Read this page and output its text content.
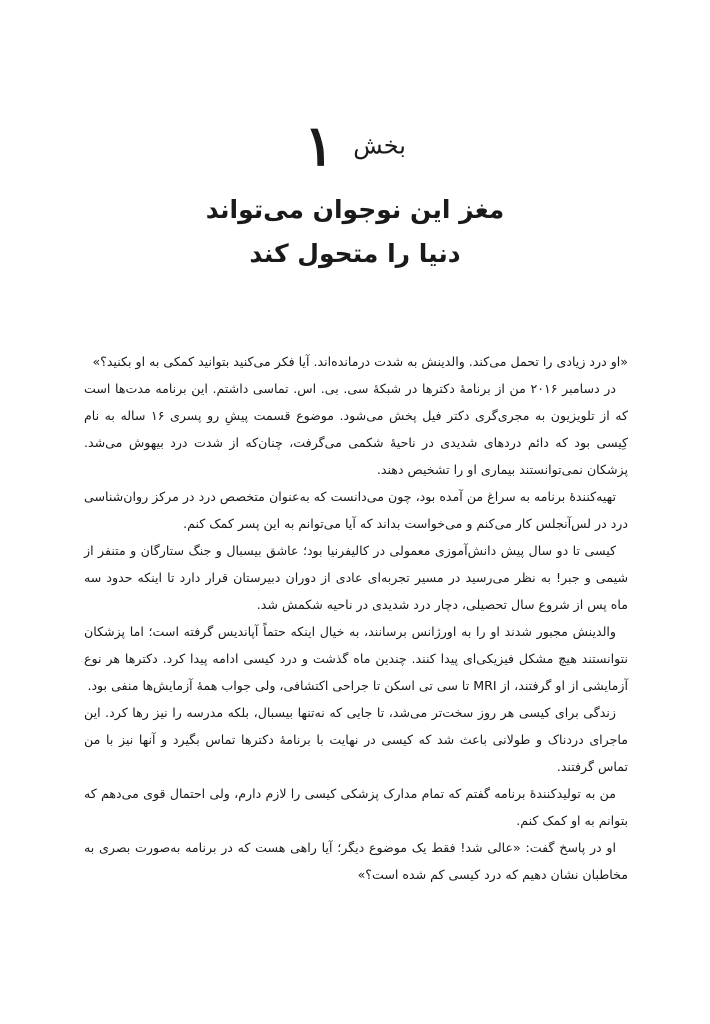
بخش ۱
مغز این نوجوان می‌تواند
دنیا را متحول کند

«او درد زیادی را تحمل می‌کند. والدینش به شدت درمانده‌اند. آیا فکر می‌کنید بتوانید کمکی به او بکنید؟»

در دسامبر ۲۰۱۶ من از برنامهٔ دکترها در شبکهٔ سی. بی. اس. تماسی داشتم. این برنامه مدت‌ها است که از تلویزیون به مجری‌گری دکتر فیل پخش می‌شود. موضوع قسمت پیشِ رو پسری ۱۶ ساله به نام کِیسی بود که دائم دردهای شدیدی در ناحیهٔ شکمی می‌گرفت، چنان‌که از شدت درد بیهوش می‌شد. پزشکان نمی‌توانستند بیماری او را تشخیص دهند.

تهیه‌کنندهٔ برنامه به سراغ من آمده بود، چون می‌دانست که به‌عنوان متخصص درد در مرکز روان‌شناسی درد در لس‌آنجلس کار می‌کنم و می‌خواست بداند که آیا می‌توانم به این پسر کمک کنم.

کیسی تا دو سال پیش دانش‌آموزی معمولی در کالیفرنیا بود؛ عاشق بیسبال و جنگ ستارگان و متنفر از شیمی و جبر! به نظر می‌رسید در مسیر تجربه‌ای عادی از دوران دبیرستان قرار دارد تا اینکه حدود سه ماه پس از شروع سال تحصیلی، دچار درد شدیدی در ناحیه شکمش شد.

والدینش مجبور شدند او را به اورژانس برسانند، به خیال اینکه حتماً آپاندیس گرفته است؛ اما پزشکان نتوانستند هیچ مشکل فیزیکی‌ای پیدا کنند. چندین ماه گذشت و درد کیسی ادامه پیدا کرد. دکترها هر نوع آزمایشی از او گرفتند، از MRI تا سی تی اسکن تا جراحی اکتشافی، ولی جواب همهٔ آزمایش‌ها منفی بود.

زندگی برای کیسی هر روز سخت‌تر می‌شد، تا جایی که نه‌تنها بیسبال، بلکه مدرسه را نیز رها کرد. این ماجرای دردناک و طولانی باعث شد که کیسی در نهایت با برنامهٔ دکترها تماس بگیرد و آنها نیز با من تماس گرفتند.

من به تولیدکنندهٔ برنامه گفتم که تمام مدارک پزشکی کیسی را لازم دارم، ولی احتمال قوی می‌دهم که بتوانم به او کمک کنم.

او در پاسخ گفت: «عالی شد! فقط یک موضوع دیگر؛ آیا راهی هست که در برنامه به‌صورت بصری به مخاطبان نشان دهیم که درد کیسی کم شده است؟»
